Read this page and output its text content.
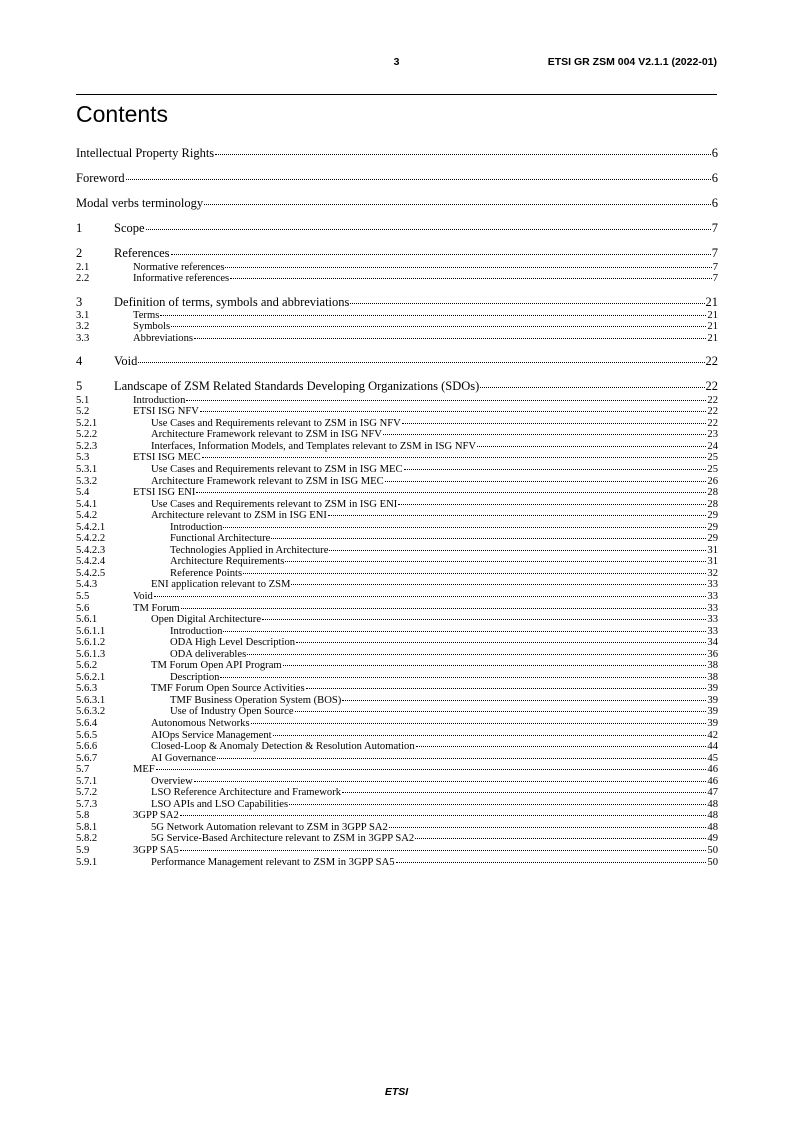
3	ETSI GR ZSM 004 V2.1.1 (2022-01)
Contents
Intellectual Property Rights	6
Foreword	6
Modal verbs terminology	6
1	Scope	7
2	References	7
2.1	Normative references	7
2.2	Informative references	7
3	Definition of terms, symbols and abbreviations	21
3.1	Terms	21
3.2	Symbols	21
3.3	Abbreviations	21
4	Void	22
5	Landscape of ZSM Related Standards Developing Organizations (SDOs)	22
5.1	Introduction	22
5.2	ETSI ISG NFV	22
5.2.1	Use Cases and Requirements relevant to ZSM in ISG NFV	22
5.2.2	Architecture Framework relevant to ZSM in ISG NFV	23
5.2.3	Interfaces, Information Models, and Templates relevant to ZSM in ISG NFV	24
5.3	ETSI ISG MEC	25
5.3.1	Use Cases and Requirements relevant to ZSM in ISG MEC	25
5.3.2	Architecture Framework relevant to ZSM in ISG MEC	26
5.4	ETSI ISG ENI	28
5.4.1	Use Cases and Requirements relevant to ZSM in ISG ENI	28
5.4.2	Architecture relevant to ZSM in ISG ENI	29
5.4.2.1	Introduction	29
5.4.2.2	Functional Architecture	29
5.4.2.3	Technologies Applied in Architecture	31
5.4.2.4	Architecture Requirements	31
5.4.2.5	Reference Points	32
5.4.3	ENI application relevant to ZSM	33
5.5	Void	33
5.6	TM Forum	33
5.6.1	Open Digital Architecture	33
5.6.1.1	Introduction	33
5.6.1.2	ODA High Level Description	34
5.6.1.3	ODA deliverables	36
5.6.2	TM Forum Open API Program	38
5.6.2.1	Description	38
5.6.3	TMF Forum Open Source Activities	39
5.6.3.1	TMF Business Operation System (BOS)	39
5.6.3.2	Use of Industry Open Source	39
5.6.4	Autonomous Networks	39
5.6.5	AIOps Service Management	42
5.6.6	Closed-Loop & Anomaly Detection & Resolution Automation	44
5.6.7	AI Governance	45
5.7	MEF	46
5.7.1	Overview	46
5.7.2	LSO Reference Architecture and Framework	47
5.7.3	LSO APIs and LSO Capabilities	48
5.8	3GPP SA2	48
5.8.1	5G Network Automation relevant to ZSM in 3GPP SA2	48
5.8.2	5G Service-Based Architecture relevant to ZSM in 3GPP SA2	49
5.9	3GPP SA5	50
5.9.1	Performance Management relevant to ZSM in 3GPP SA5	50
ETSI
